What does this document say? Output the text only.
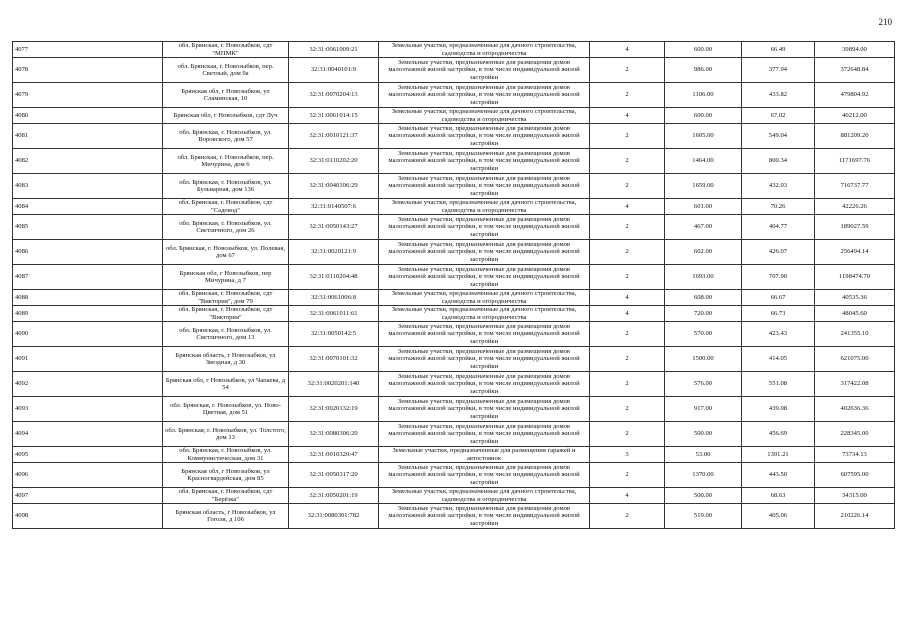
210
4077	обл. Брянская, г. Новозыбков, сдт "МПМК"	32:31:0061009:21	Земельные участки, предназначенные для дачного строительства, садоводства и огородничества	4	600.00	66.49	39894.00
4078	обл. Брянская, г. Новозыбков, пер. Светлый, дом 9а	32:31:0040101:9	Земельные участки, предназначенные для размещения домов малоэтажной жилой застройки, в том числе индивидуальной жилой застройки	2	986.00	377.94	372648.84
4079	Брянская обл, г Новозыбков, ул Сламинская, 10	32:31:0070204:13	Земельные участки, предназначенные для размещения домов малоэтажной жилой застройки, в том числе индивидуальной жилой застройки	2	1106.00	433.82	479804.92
4080	Брянская обл, г Новозыбков, сдт Луч	32:31:0061014:15	Земельные участки, предназначенные для дачного строительства, садоводства и огородничества	4	600.00	67.02	40212.00
4081	обл. Брянская, г. Новозыбков, ул. Воровского, дом 57	32:31:0010121:37	Земельные участки, предназначенные для размещения домов малоэтажной жилой застройки, в том числе индивидуальной жилой застройки	2	1605.00	549.04	881209.20
4082	обл. Брянская, г. Новозыбков, пер. Мичурина, дом 6	32:31:0110202:20	Земельные участки, предназначенные для размещения домов малоэтажной жилой застройки, в том числе индивидуальной жилой застройки	2	1464.00	800.34	1171697.76
4083	обл. Брянская, г. Новозыбков, ул. Бульварная, дом 136	32:31:0040106:29	Земельные участки, предназначенные для размещения домов малоэтажной жилой застройки, в том числе индивидуальной жилой застройки	2	1659.00	432.03	716737.77
4084	обл. Брянская, г. Новозыбков, сдт "Садовод"	32:31:0140507:6	Земельные участки, предназначенные для дачного строительства, садоводства и огородничества	4	601.00	70.26	42226.26
4085	обл. Брянская, г. Новозыбков, ул. Светличного, дом 26	32:31:0050143:27	Земельные участки, предназначенные для размещения домов малоэтажной жилой застройки, в том числе индивидуальной жилой застройки	2	467.00	404.77	189027.59
4086	обл. Брянская, г. Новозыбков, ул. Полевая, дом 67	32:31:0020121:9	Земельные участки, предназначенные для размещения домов малоэтажной жилой застройки, в том числе индивидуальной жилой застройки	2	602.00	426.07	256494.14
4087	Брянская обл, г Новозыбков, пер Мичурина, д 7	32:31:0110204:48	Земельные участки, предназначенные для размещения домов малоэтажной жилой застройки, в том числе индивидуальной жилой застройки	2	1693.00	707.90	1198474.70
4088	обл. Брянская, г. Новозыбков, сдт "Виктория", дом 79	32:31:0061006:8	Земельные участки, предназначенные для дачного строительства, садоводства и огородничества	4	608.00	66.67	40535.36
4089	обл. Брянская, г. Новозыбков, сдт "Виктория"	32:31:0061011:61	Земельные участки, предназначенные для дачного строительства, садоводства и огородничества	4	720.00	66.73	48045.60
4090	обл. Брянская, г. Новозыбков, ул. Светличного, дом 13	32:31:0050142:5	Земельные участки, предназначенные для размещения домов малоэтажной жилой застройки, в том числе индивидуальной жилой застройки	2	570.00	423.43	241355.10
4091	Брянская область, г Новозыбков, ул Звездная, д 30	32:31:0070101:32	Земельные участки, предназначенные для размещения домов малоэтажной жилой застройки, в том числе индивидуальной жилой застройки	2	1500.00	414.05	621075.00
4092	Брянская обл, г Новозыбков, ул Чапаева, д 54	32:31:0020201:140	Земельные участки, предназначенные для размещения домов малоэтажной жилой застройки, в том числе индивидуальной жилой застройки	2	576.00	551.08	317422.08
4093	обл. Брянская, г. Новозыбков, ул. Ново-Цветная, дом 51	32:31:0020132:19	Земельные участки, предназначенные для размещения домов малоэтажной жилой застройки, в том числе индивидуальной жилой застройки	2	917.00	439.08	402636.36
4094	обл. Брянская, г. Новозыбков, ул. Толстого, дом 13	32:31:0080306:20	Земельные участки, предназначенные для размещения домов малоэтажной жилой застройки, в том числе индивидуальной жилой застройки	2	500.00	456.69	228345.00
4095	обл. Брянская, г. Новозыбков, ул. Коммунистическая, дом 31	32:31:0010320:47	Земельные участки, предназначенные для размещения гаражей и автостоянок	3	53.00	1391.21	73734.13
4096	Брянская обл, г Новозыбков, ул Красногвардейская, дом 85	32:31:0050317:20	Земельные участки, предназначенные для размещения домов малоэтажной жилой застройки, в том числе индивидуальной жилой застройки	2	1370.00	443.50	607595.00
4097	обл. Брянская, г. Новозыбков, сдт "Берёзка"	32:31:0050201:19	Земельные участки, предназначенные для дачного строительства, садоводства и огородничества	4	500.00	68.63	34315.00
4098	Брянская область, г Новозыбков, ул Гоголя, д 106	32:31:0080301:782	Земельные участки, предназначенные для размещения домов малоэтажной жилой застройки, в том числе индивидуальной жилой застройки	2	519.00	405.06	210226.14
